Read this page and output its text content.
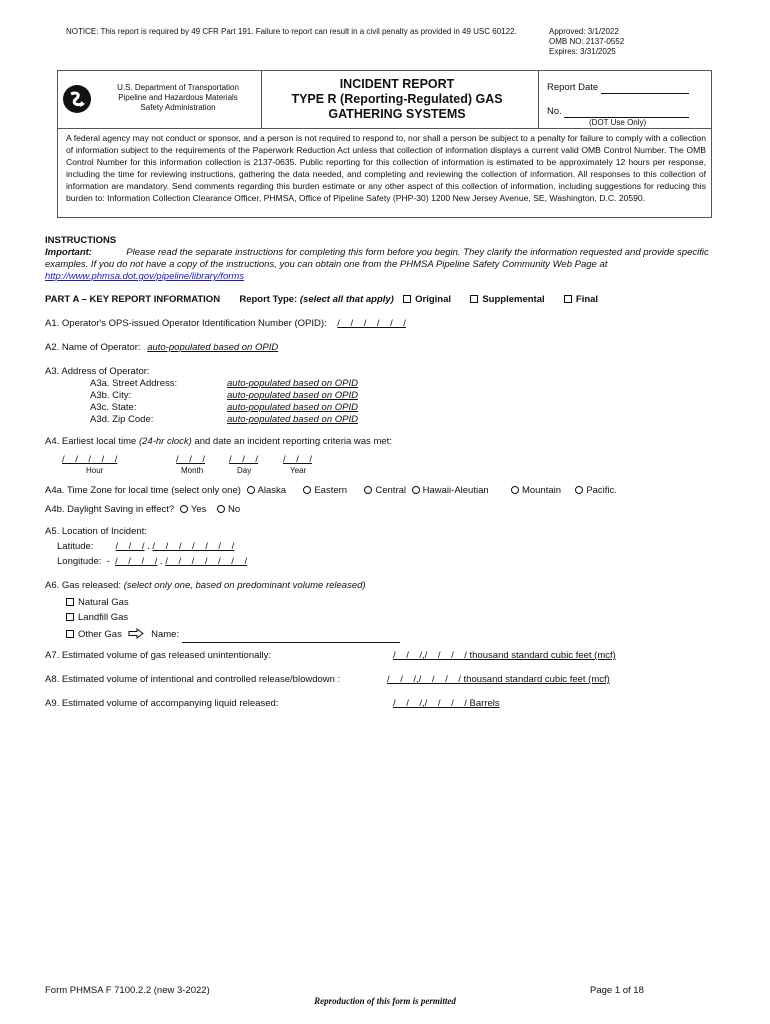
NOTICE: This report is required by 49 CFR Part 191. Failure to report can result in a civil penalty as provided in 49 USC 60122.	Approved: 3/1/2022
OMB NO: 2137-0552
Expires: 3/31/2025
U.S. Department of Transportation
Pipeline and Hazardous Materials
Safety Administration
INCIDENT REPORT
TYPE R (Reporting-Regulated) GAS
GATHERING SYSTEMS
Report Date
No.
(DOT Use Only)
A federal agency may not conduct or sponsor, and a person is not required to respond to, nor shall a person be subject to a penalty for failure to comply with a collection of information subject to the requirements of the Paperwork Reduction Act unless that collection of information displays a current valid OMB Control Number. The OMB Control Number for this information collection is 2137-0635. Public reporting for this collection of information is estimated to be approximately 12 hours per response, including the time for reviewing instructions, gathering the data needed, and completing and reviewing the collection of information. All responses to this collection of information are mandatory. Send comments regarding this burden estimate or any other aspect of this collection of information, including suggestions for reducing this burden to: Information Collection Clearance Officer, PHMSA, Office of Pipeline Safety (PHP-30) 1200 New Jersey Avenue, SE, Washington, D.C. 20590.
INSTRUCTIONS
Important:	Please read the separate instructions for completing this form before you begin. They clarify the information requested and provide specific examples. If you do not have a copy of the instructions, you can obtain one from the PHMSA Pipeline Safety Community Web Page at http://www.phmsa.dot.gov/pipeline/library/forms
PART A – KEY REPORT INFORMATION Report Type: (select all that apply) Original	Supplemental	Final
A1. Operator's OPS-issued Operator Identification Number (OPID): /    /    /    /    /    /
A2. Name of Operator: auto-populated based on OPID
A3. Address of Operator:
A3a. Street Address:	auto-populated based on OPID
A3b. City:	auto-populated based on OPID
A3c. State:	auto-populated based on OPID
A3d. Zip Code:	auto-populated based on OPID
A4. Earliest local time (24-hr clock) and date an incident reporting criteria was met:
/    /    /    /    /	/    /    /	/    /    /	/    /    /
Hour	Month	Day	Year
A4a. Time Zone for local time (select only one) Alaska	Eastern	Central Hawaii-Aleutian	Mountain	Pacific.
A4b. Daylight Saving in effect? Yes No
A5. Location of Incident:
Latitude: /    /    / . /    /    /    /    /    /    /
Longitude: - /    /    /    / . /    /    /    /    /    /    /
A6. Gas released: (select only one, based on predominant volume released)
Natural Gas
Landfill Gas
Other Gas	Name:
A7. Estimated volume of gas released unintentionally:	/    /    /,/    /    /    / thousand standard cubic feet (mcf)
A8. Estimated volume of intentional and controlled release/blowdown :	/    /    /,/    /    /    / thousand standard cubic feet (mcf)
A9. Estimated volume of accompanying liquid released:	/    /    /,/    /    /    / Barrels
Form PHMSA F 7100.2.2 (new 3-2022)
Reproduction of this form is permitted
Page 1 of 18
